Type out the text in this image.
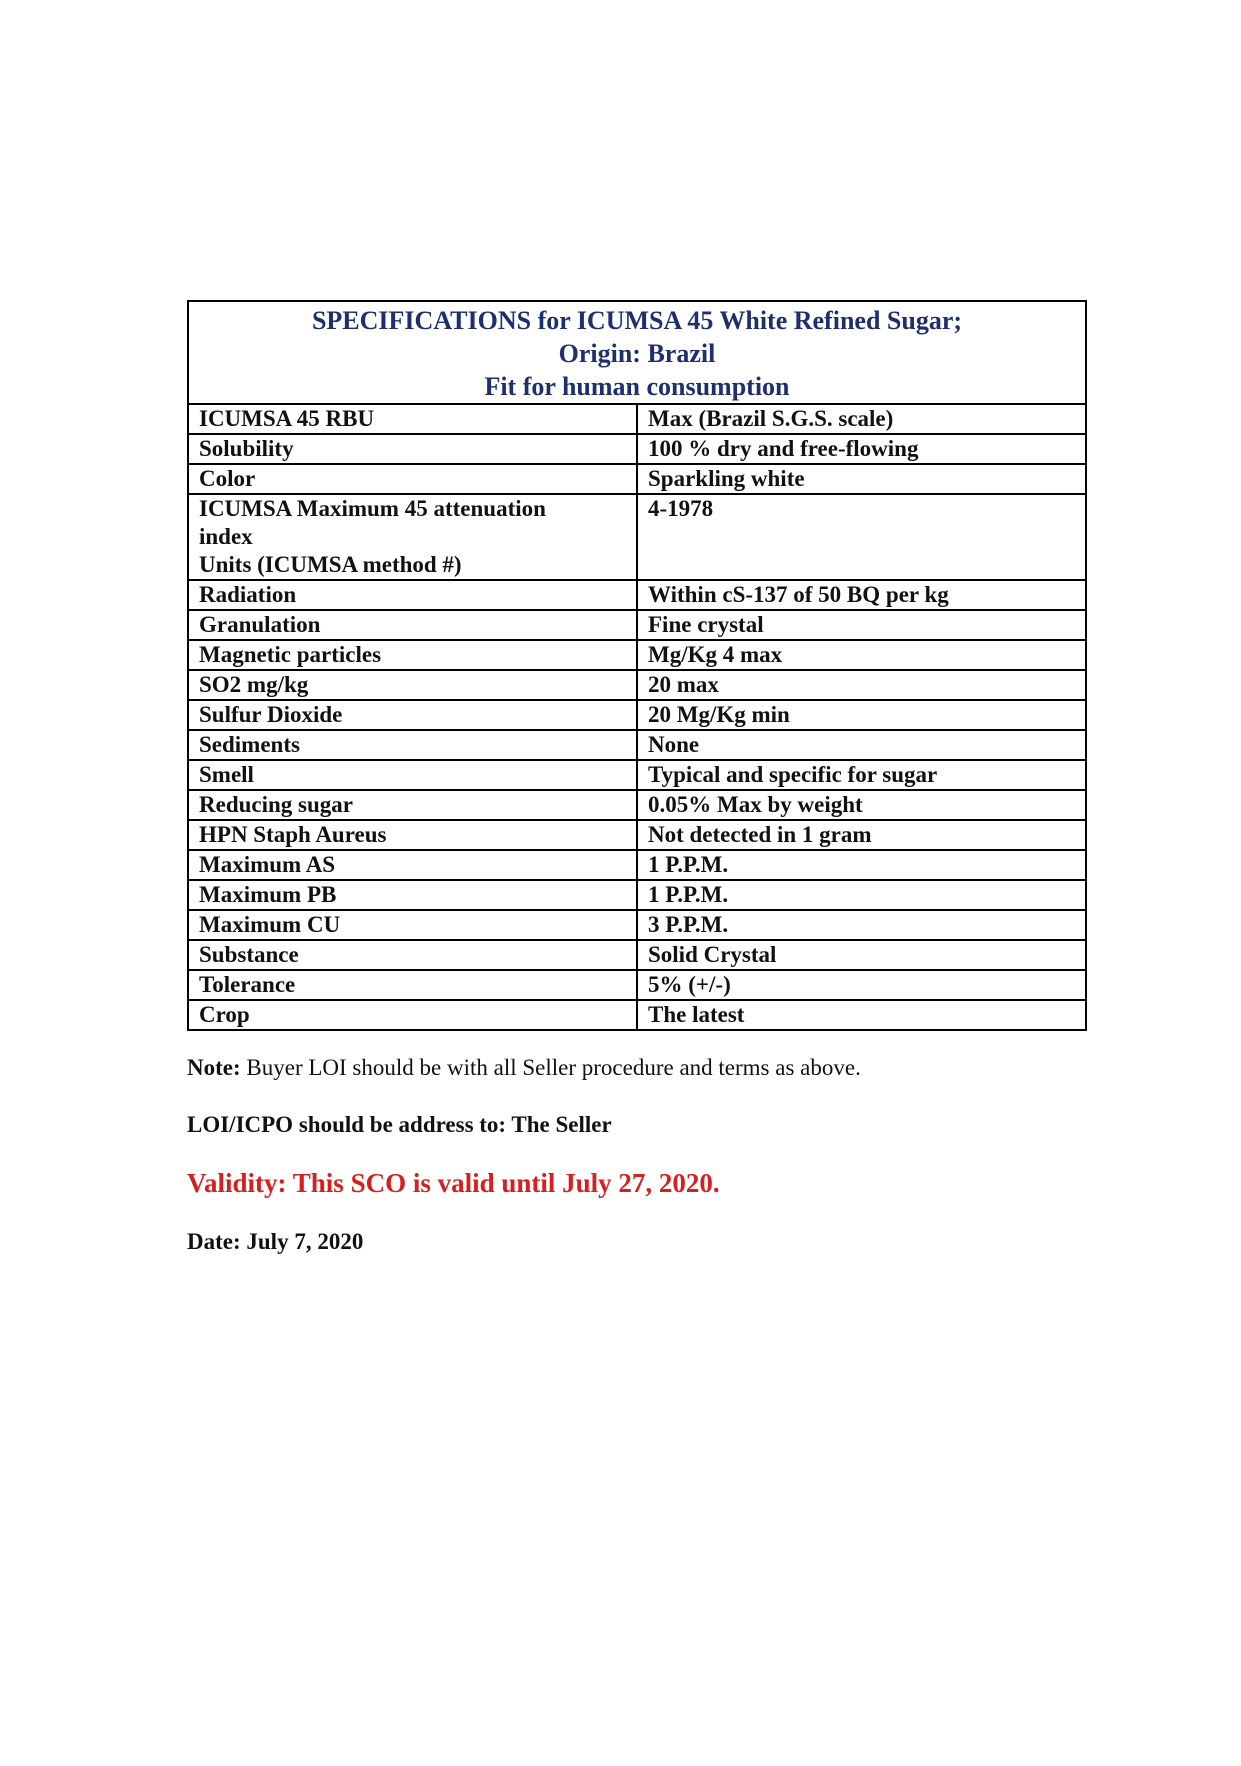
SPECIFICATIONS for ICUMSA 45 White Refined Sugar;
Origin: Brazil
Fit for human consumption	

ICUMSA 45 RBU	Max (Brazil S.G.S. scale)
Solubility	100 % dry and free-flowing
Color	Sparkling white

ICUMSA Maximum 45 attenuation
index
Units (ICUMSA method #)	4-1978
Radiation	Within cS-137 of 50 BQ per kg
Granulation	Fine crystal
Magnetic particles	Mg/Kg 4 max
SO2 mg/kg	20 max
Sulfur Dioxide	20 Mg/Kg min
Sediments	None
Smell	Typical and specific for sugar
Reducing sugar	0.05% Max by weight
HPN Staph Aureus	Not detected in 1 gram
Maximum AS	1 P.P.M.
Maximum PB	1 P.P.M.
Maximum CU	3 P.P.M.
Substance	Solid Crystal
Tolerance	5% (+/-)
Crop	The latest
Note: Buyer LOI should be with all Seller procedure and terms as above.
LOI/ICPO should be address to: The Seller
Validity: This SCO is valid until July 27, 2020.
Date: July 7, 2020
